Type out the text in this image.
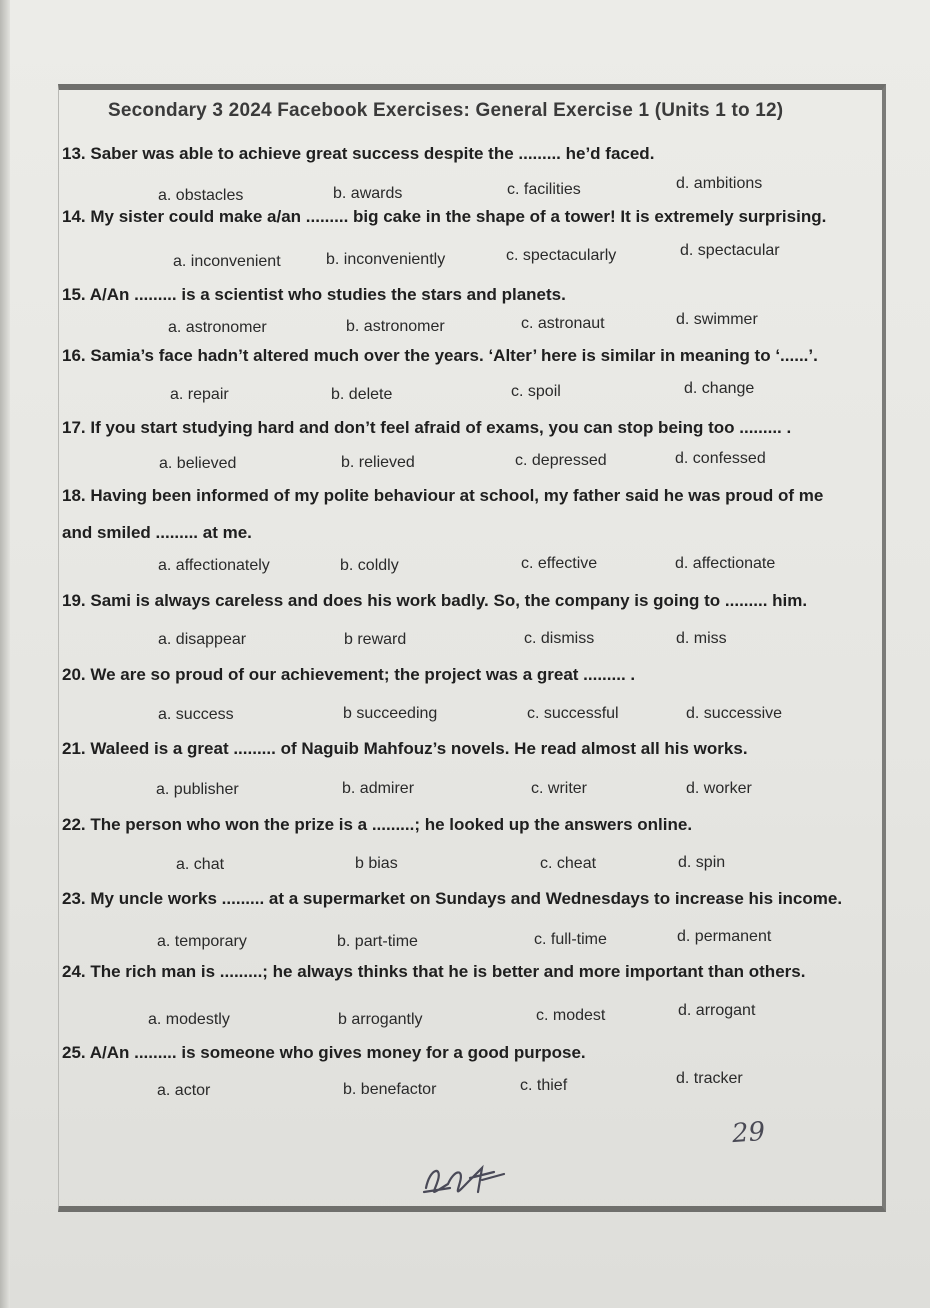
Secondary 3 2024 Facebook Exercises: General Exercise 1 (Units 1 to 12)
13. Saber was able to achieve great success despite the ......... he’d faced.
a. obstacles	b. awards	c. facilities	d. ambitions
14. My sister could make a/an ......... big cake in the shape of a tower! It is extremely surprising.
a. inconvenient	b. inconveniently	c. spectacularly	d. spectacular
15. A/An ......... is a scientist who studies the stars and planets.
a. astronomer	b. astronomer	c. astronaut	d. swimmer
16. Samia’s face hadn’t altered much over the years. ‘Alter’ here is similar in meaning to ‘......’.
a. repair	b. delete	c. spoil	d. change
17. If you start studying hard and don’t feel afraid of exams, you can stop being too ......... .
a. believed	b. relieved	c. depressed	d. confessed
18. Having been informed of my polite behaviour at school, my father said he was proud of me
and smiled ......... at me.
a. affectionately	b. coldly	c. effective	d. affectionate
19. Sami is always careless and does his work badly. So, the company is going to ......... him.
a. disappear	b reward	c. dismiss	d. miss
20. We are so proud of our achievement; the project was a great ......... .
a. success	b succeeding	c. successful	d. successive
21. Waleed is a great ......... of Naguib Mahfouz’s novels. He read almost all his works.
a. publisher	b. admirer	c. writer	d. worker
22. The person who won the prize is a .........; he looked up the answers online.
a. chat	b bias	c. cheat	d. spin
23. My uncle works ......... at a supermarket on Sundays and Wednesdays to increase his income.
a. temporary	b. part-time	c. full-time	d. permanent
24. The rich man is .........; he always thinks that he is better and more important than others.
a. modestly	b arrogantly	c. modest	d. arrogant
25. A/An ......... is someone who gives money for a good purpose.
a. actor	b. benefactor	c. thief	d. tracker
29
